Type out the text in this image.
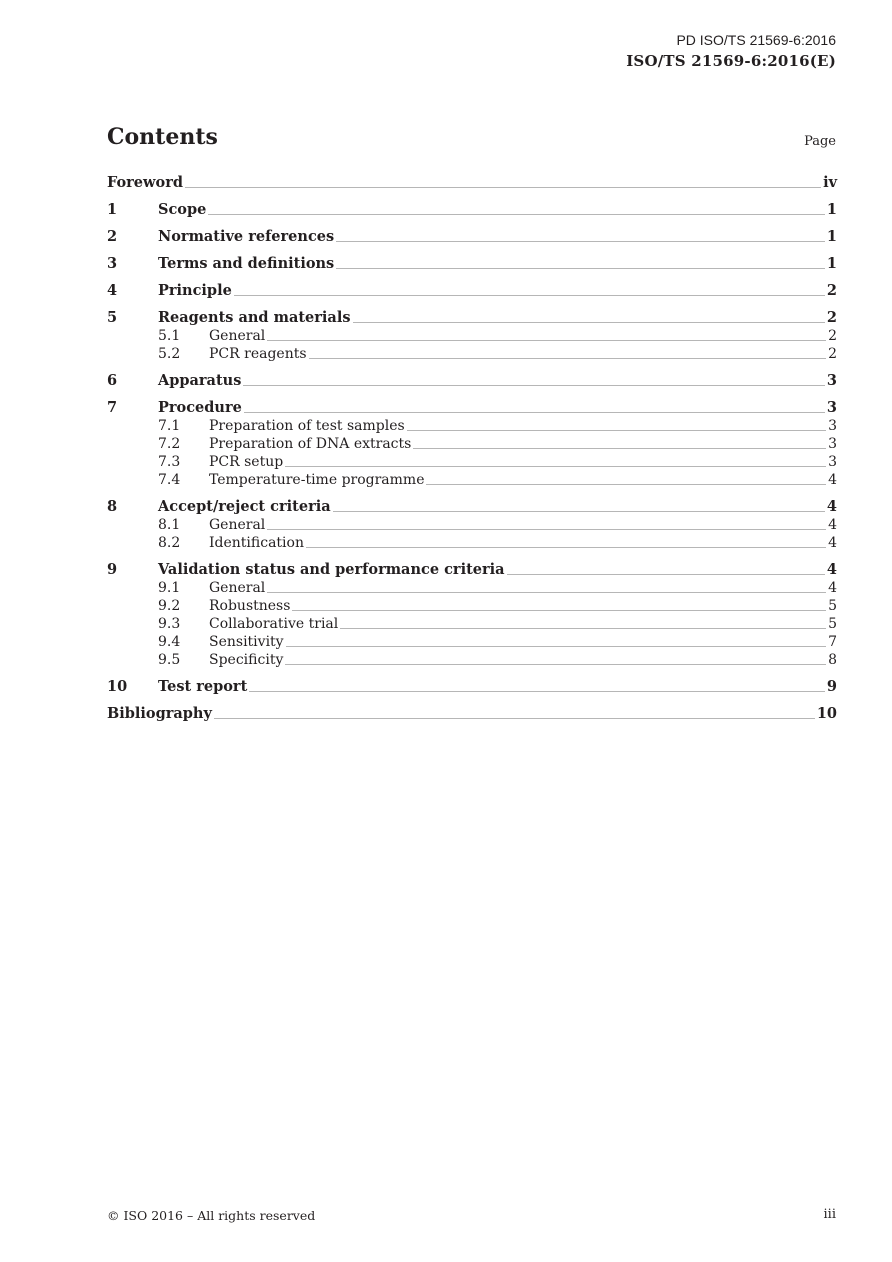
PD ISO/TS 21569-6:2016
ISO/TS 21569-6:2016(E)
Contents	Page
Foreword	iv
1	Scope	1
2	Normative references	1
3	Terms and definitions	1
4	Principle	2
5	Reagents and materials	2
5.1	General	2
5.2	PCR reagents	2
6	Apparatus	3
7	Procedure	3
7.1	Preparation of test samples	3
7.2	Preparation of DNA extracts	3
7.3	PCR setup	3
7.4	Temperature-time programme	4
8	Accept/reject criteria	4
8.1	General	4
8.2	Identification	4
9	Validation status and performance criteria	4
9.1	General	4
9.2	Robustness	5
9.3	Collaborative trial	5
9.4	Sensitivity	7
9.5	Specificity	8
10	Test report	9
Bibliography	10
© ISO 2016 – All rights reserved	iii
